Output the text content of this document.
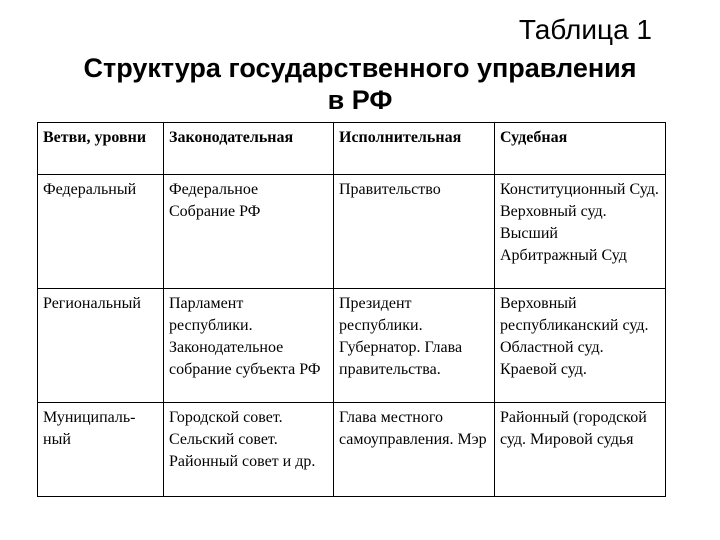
Таблица 1
Структура государственного управления
в РФ
Ветви, уровни	Законодательная	Исполнительная	Судебная
Федеральный	Федеральное Собрание РФ	Правительство	Конституционный Суд. Верховный суд. Высший Арбитражный Суд
Региональный	Парламент республики. Законодательное собрание субъекта РФ	Президент республики. Губернатор. Глава правительства.	Верховный республиканский суд. Областной суд. Краевой суд.
Муниципаль-ный	Городской совет. Сельский совет. Районный совет и др.	Глава местного самоуправления. Мэр	Районный (городской суд. Мировой судья
